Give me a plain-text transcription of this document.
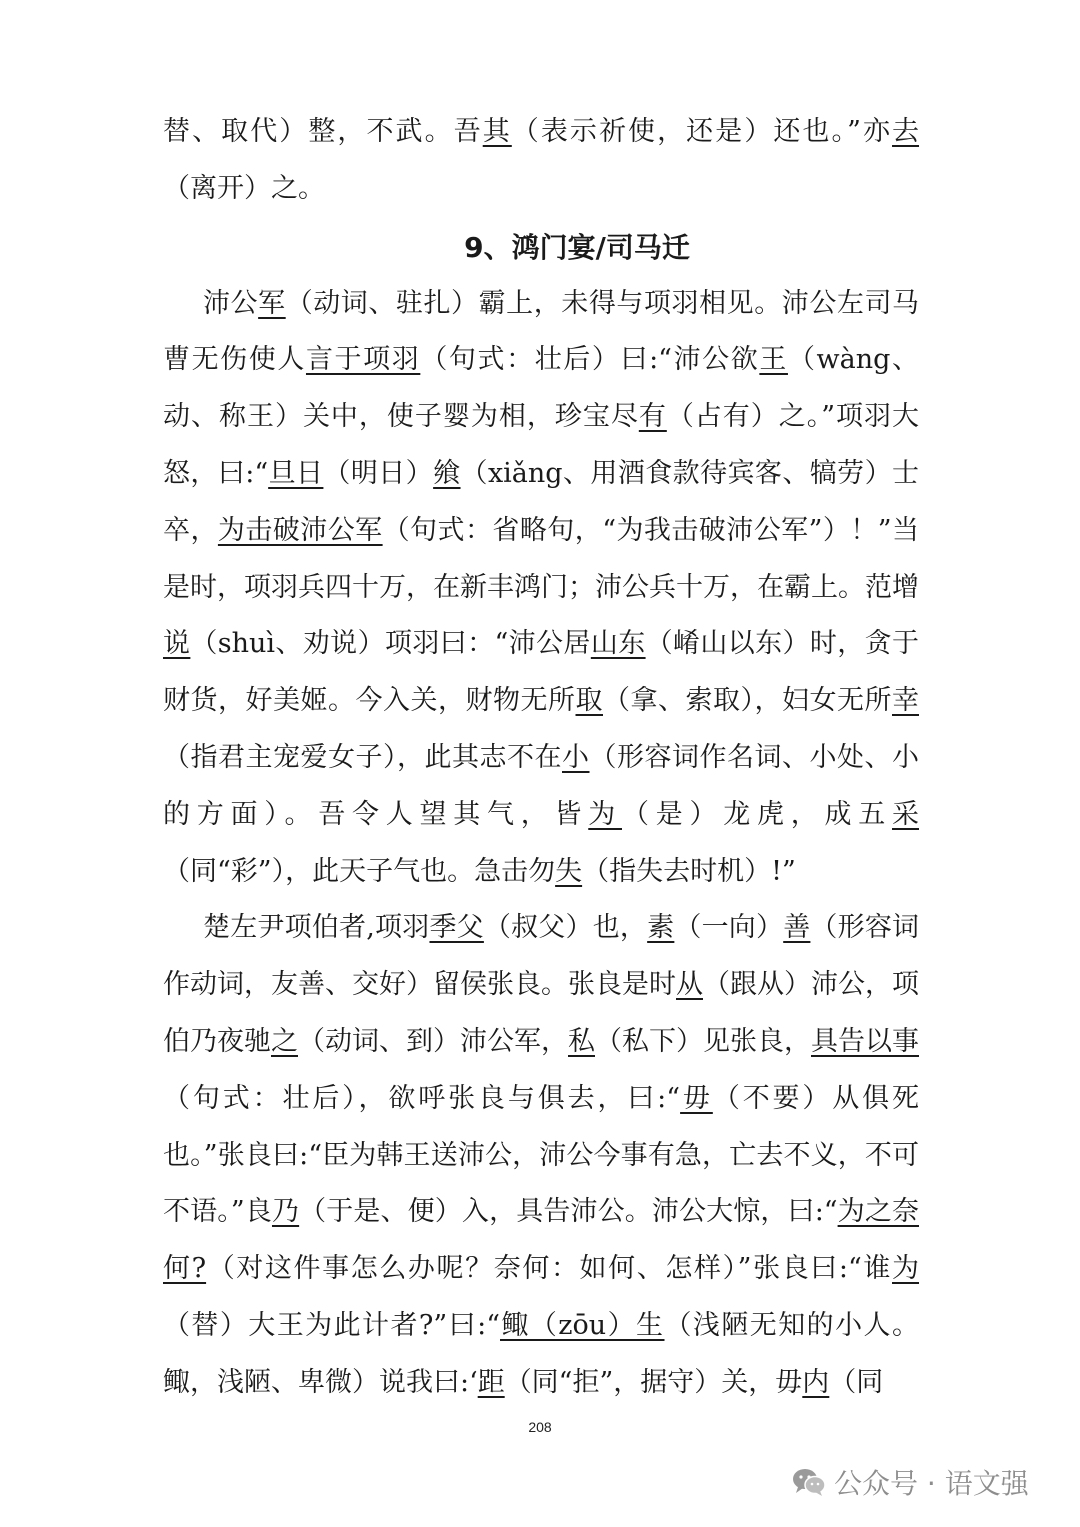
替、取代）整，不武。吾其（表示祈使，还是）还也。”亦去（离开）之。

9、鸿门宴/司马迁

沛公军（动词、驻扎）霸上，未得与项羽相见。沛公左司马曹无伤使人言于项羽（句式：壮后）曰:“沛公欲王（wàng、动、称王）关中，使子婴为相，珍宝尽有（占有）之。”项羽大怒，曰:“旦日（明日）飨（xiǎng、用酒食款待宾客、犒劳）士卒，为击破沛公军（句式：省略句，“为我击破沛公军”）！”当是时，项羽兵四十万，在新丰鸿门；沛公兵十万，在霸上。范增说（shuì、劝说）项羽曰：“沛公居山东（崤山以东）时，贪于财货，好美姬。今入关，财物无所取（拿、索取），妇女无所幸（指君主宠爱女子），此其志不在小（形容词作名词、小处、小的方面）。吾令人望其气，皆为（是）龙虎，成五采（同“彩”），此天子气也。急击勿失（指失去时机）!”

楚左尹项伯者,项羽季父（叔父）也，素（一向）善（形容词作动词，友善、交好）留侯张良。张良是时从（跟从）沛公，项伯乃夜驰之（动词、到）沛公军，私（私下）见张良，具告以事（句式：壮后），欲呼张良与俱去，曰:“毋（不要）从俱死也。”张良曰:“臣为韩王送沛公，沛公今事有急，亡去不义，不可不语。”良乃（于是、便）入，具告沛公。沛公大惊，曰:“为之奈何?（对这件事怎么办呢？奈何：如何、怎样）”张良曰:“谁为（替）大王为此计者?”曰:“鲰（zōu）生（浅陋无知的小人。鲰，浅陋、卑微）说我曰:‘距（同“拒”，据守）关，毋内（同

208
公众号 · 语文强
